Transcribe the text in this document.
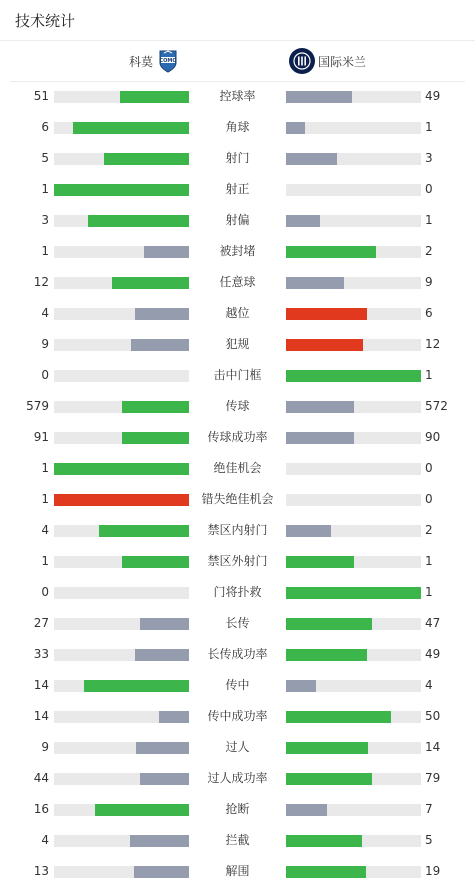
技术统计
科莫 COMO	国际米兰
51	控球率	49
6	角球	1
5	射门	3
1	射正	0
3	射偏	1
1	被封堵	2
12	任意球	9
4	越位	6
9	犯规	12
0	击中门框	1
579	传球	572
91	传球成功率	90
1	绝佳机会	0
1	错失绝佳机会	0
4	禁区内射门	2
1	禁区外射门	1
0	门将扑救	1
27	长传	47
33	长传成功率	49
14	传中	4
14	传中成功率	50
9	过人	14
44	过人成功率	79
16	抢断	7
4	拦截	5
13	解围	19
